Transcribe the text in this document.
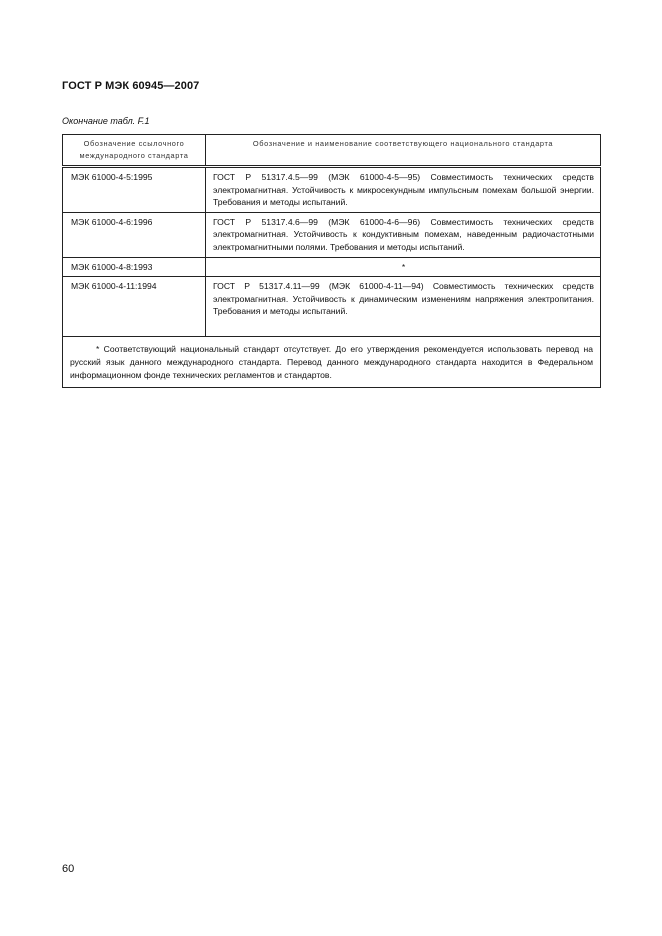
ГОСТ Р МЭК 60945—2007
Окончание табл. F.1
Обозначение ссылочного международного стандарта	Обозначение и наименование соответствующего национального стандарта
МЭК 61000-4-5:1995	ГОСТ Р 51317.4.5—99 (МЭК 61000-4-5—95) Совместимость технических средств электромагнитная. Устойчивость к микросекундным импульсным помехам большой энергии. Требования и методы испытаний.
МЭК 61000-4-6:1996	ГОСТ Р 51317.4.6—99 (МЭК 61000-4-6—96) Совместимость технических средств электромагнитная. Устойчивость к кондуктивным помехам, наведенным радиочастотными электромагнитными полями. Требования и методы испытаний.
МЭК 61000-4-8:1993	*
МЭК 61000-4-11:1994	ГОСТ Р 51317.4.11—99 (МЭК 61000-4-11—94) Совместимость технических средств электромагнитная. Устойчивость к динамическим изменениям напряжения электропитания. Требования и методы испытаний.
* Соответствующий национальный стандарт отсутствует. До его утверждения рекомендуется использовать перевод на русский язык данного международного стандарта. Перевод данного международного стандарта находится в Федеральном информационном фонде технических регламентов и стандартов.	
60
